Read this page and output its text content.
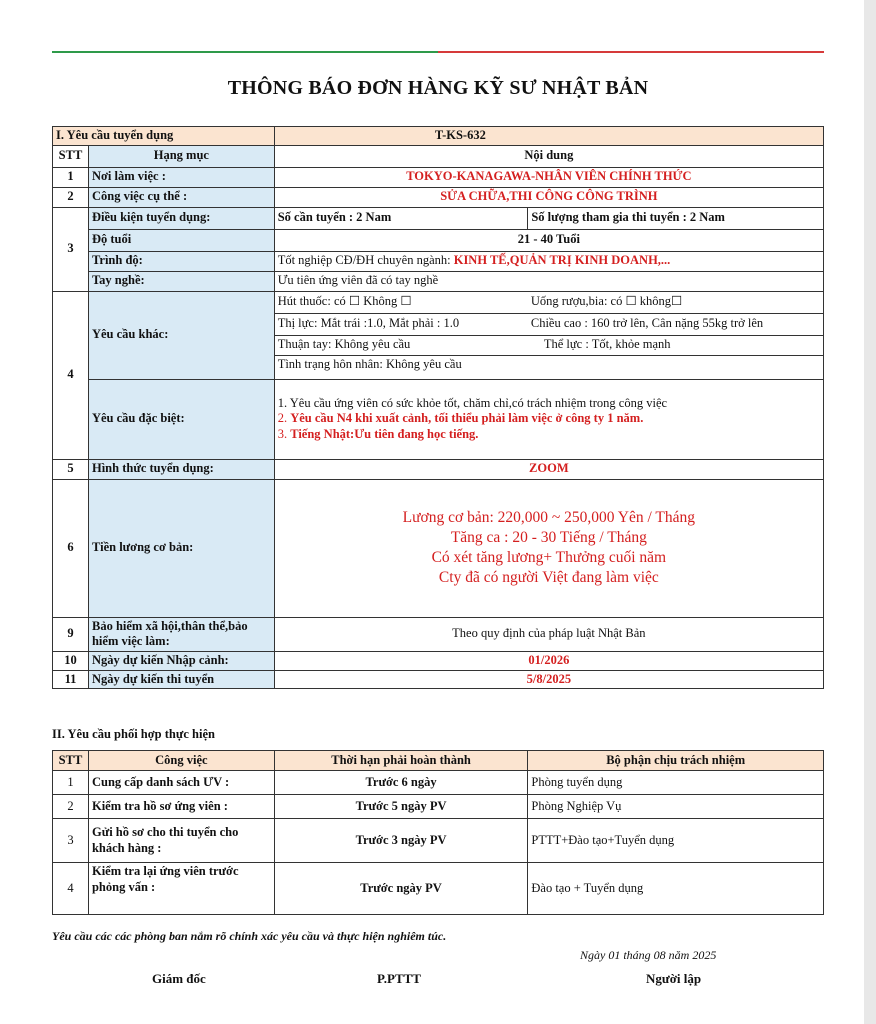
THÔNG BÁO ĐƠN HÀNG KỸ SƯ NHẬT BẢN
I. Yêu cầu tuyển dụng		T-KS-632	
STT	Hạng mục	Nội dung	
1	Nơi làm việc :	TOKYO-KANAGAWA-NHÂN VIÊN CHÍNH THỨC	
2	Công việc cụ thể :	SỬA CHỮA,THI CÔNG CÔNG TRÌNH	
3	Điều kiện tuyển dụng:	Số cần tuyển : 2 Nam	Số lượng tham gia thi tuyển : 2 Nam
	Độ tuổi	21 - 40 Tuổi	
	Trình độ:	Tốt nghiệp CĐ/ĐH chuyên ngành: KINH TẾ,QUẢN TRỊ KINH DOANH,...	
	Tay nghề:	Ưu tiên ứng viên đã có tay nghề	
4	Yêu cầu khác:	Hút thuốc: có ☐ Không ☐	Uống rượu,bia: có ☐ không☐
		Thị lực: Mắt trái :1.0, Mắt phải : 1.0	Chiều cao : 160 trở lên, Cân nặng 55kg trở lên
		Thuận tay: Không yêu cầu	Thể lực : Tốt, khỏe mạnh
		Tình trạng hôn nhân: Không yêu cầu	
	Yêu cầu đặc biệt:	1. Yêu cầu ứng viên có sức khỏe tốt, chăm chỉ,có trách nhiệm trong công việc
2. Yêu cầu N4 khi xuất cảnh, tối thiểu phải làm việc ở công ty 1 năm.
3. Tiếng Nhật:Ưu tiên đang học tiếng.	

5	Hình thức tuyển dụng:	ZOOM	
6	Tiền lương cơ bản:	Lương cơ bản: 220,000 ~ 250,000 Yên / Tháng
Tăng ca : 20 - 30 Tiếng / Tháng
Có xét tăng lương+ Thưởng cuối năm
Cty đã có người Việt đang làm việc	

9	Bảo hiểm xã hội,thân thể,bảo hiểm việc làm:	Theo quy định của pháp luật Nhật Bản	
10	Ngày dự kiến Nhập cảnh:	01/2026	
11	Ngày dự kiến thi tuyển	5/8/2025	
II. Yêu cầu phối hợp thực hiện
STT	Công việc	Thời hạn phải hoàn thành	Bộ phận chịu trách nhiệm
1	Cung cấp danh sách ƯV :	Trước 6 ngày	Phòng tuyển dụng
2	Kiểm tra hồ sơ ứng viên :	Trước 5 ngày PV	Phòng Nghiệp Vụ
3	Gửi hồ sơ cho thi tuyển cho khách hàng :	Trước 3 ngày PV	PTTT+Đào tạo+Tuyển dụng
4	Kiểm tra lại ứng viên trước phỏng vấn :	Trước ngày PV	Đào tạo + Tuyển dụng
Yêu cầu các các phòng ban nắm rõ chính xác yêu cầu và thực hiện nghiêm túc.
Ngày 01 tháng 08 năm 2025
Giám đốc	P.PTTT	Người lập
